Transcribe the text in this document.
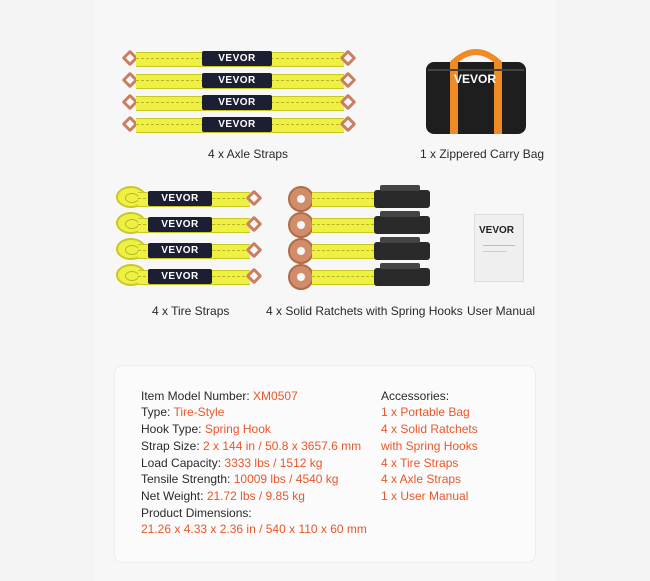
VEVOR
VEVOR
VEVOR
VEVOR
4 x Axle Straps
VEVOR
1 x Zippered Carry Bag
VEVOR
VEVOR
VEVOR
VEVOR
4 x Tire Straps	4 x Solid Ratchets with Spring Hooks
VEVOR
User Manual
Item Model Number: XM0507
Type: Tire-Style
Hook Type: Spring Hook
Strap Size: 2 x 144 in / 50.8 x 3657.6 mm
Load Capacity: 3333 lbs / 1512 kg
Tensile Strength: 10009 lbs / 4540 kg
Net Weight: 21.72 lbs / 9.85 kg
Product Dimensions:
21.26 x 4.33 x 2.36 in / 540 x 110 x 60 mm
Accessories:
1 x Portable Bag
4 x Solid Ratchets
with Spring Hooks
4 x Tire Straps
4 x Axle Straps
1 x User Manual
